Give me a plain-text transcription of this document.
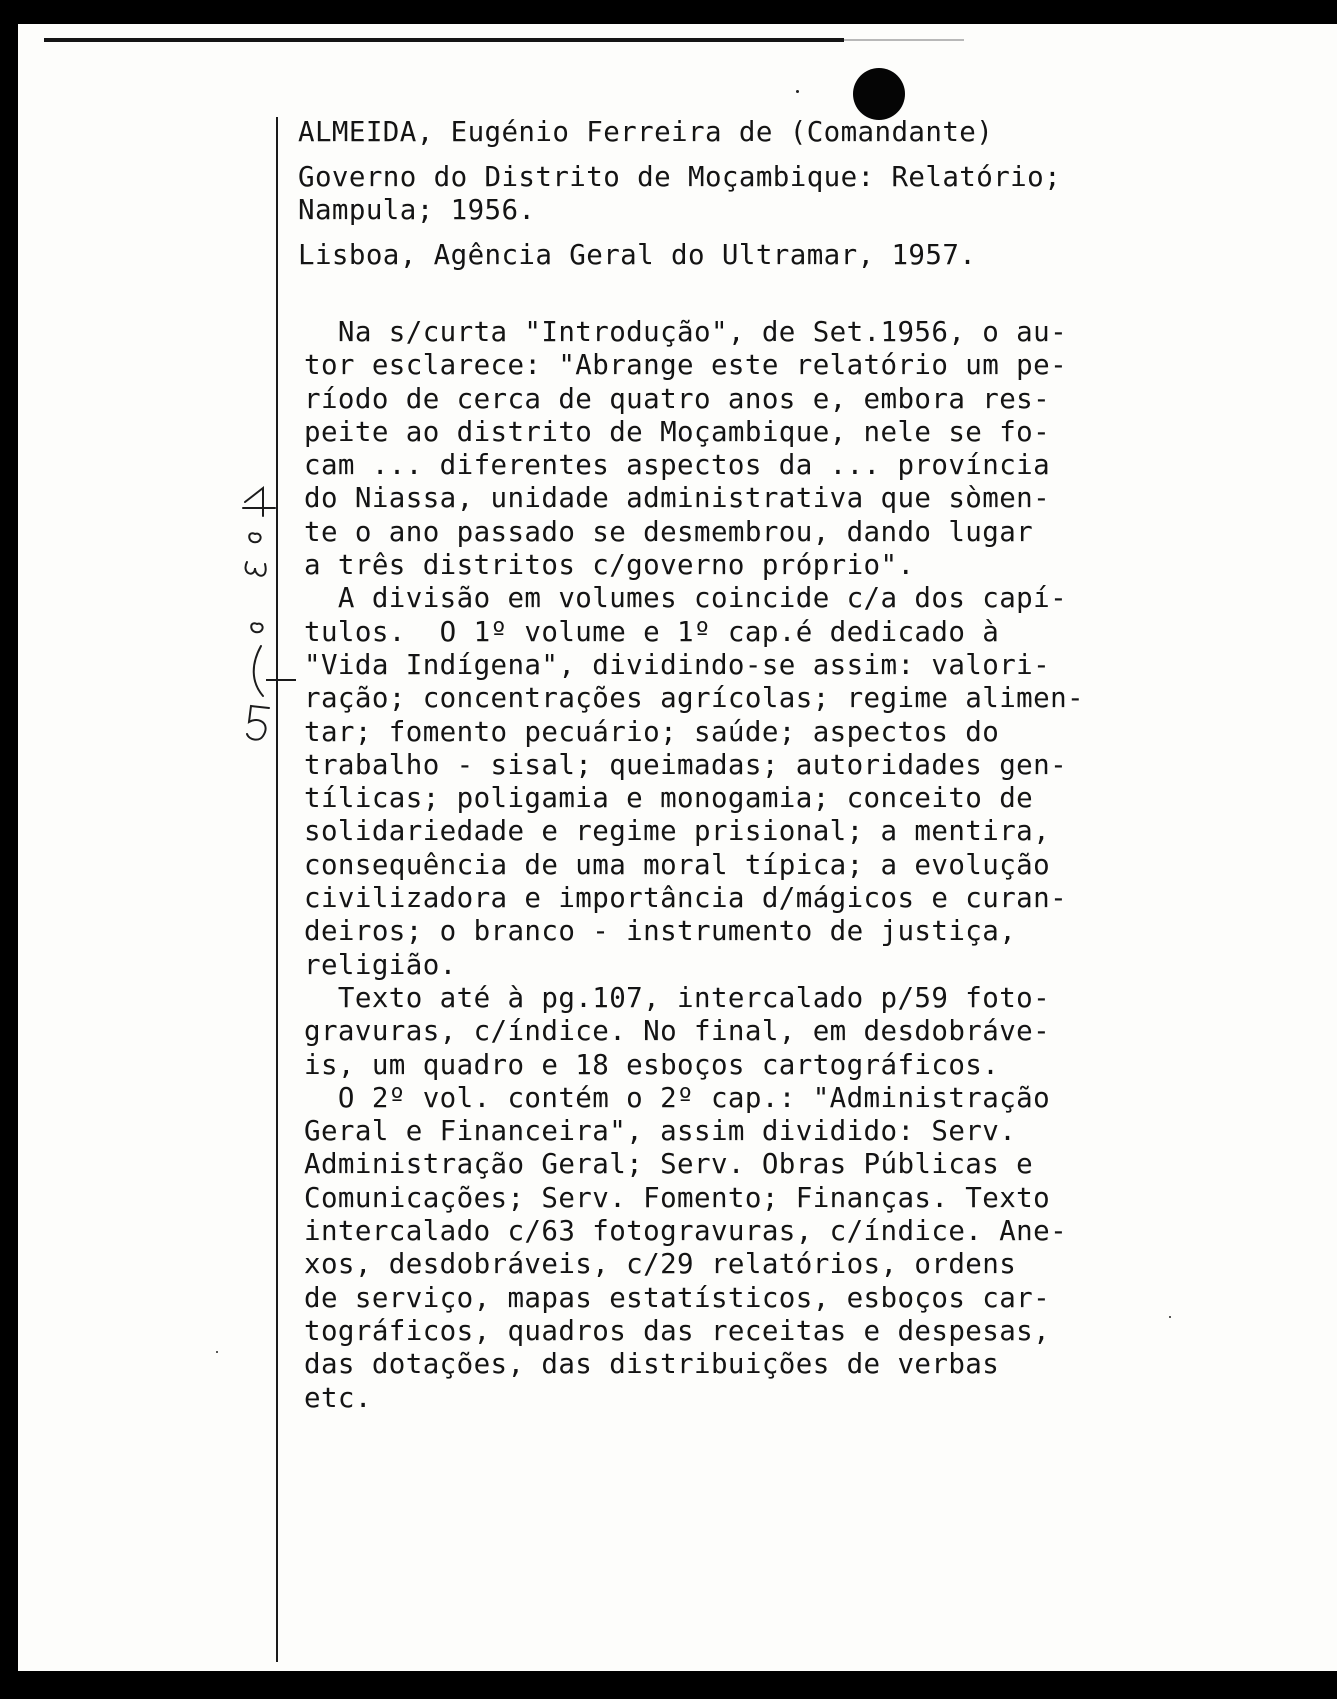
ALMEIDA, Eugénio Ferreira de (Comandante)
Governo do Distrito de Moçambique: Relatório;
Nampula; 1956.
Lisboa, Agência Geral do Ultramar, 1957.
Na s/curta "Introdução", de Set.1956, o au-
tor esclarece: "Abrange este relatório um pe-
ríodo de cerca de quatro anos e, embora res-
peite ao distrito de Moçambique, nele se fo-
cam ... diferentes aspectos da ... província
do Niassa, unidade administrativa que sòmen-
te o ano passado se desmembrou, dando lugar
a três distritos c/governo próprio".
A divisão em volumes coincide c/a dos capí-
tulos.  O 1º volume e 1º cap.é dedicado à
"Vida Indígena", dividindo-se assim: valori-
ração; concentrações agrícolas; regime alimen-
tar; fomento pecuário; saúde; aspectos do
trabalho - sisal; queimadas; autoridades gen-
tílicas; poligamia e monogamia; conceito de
solidariedade e regime prisional; a mentira,
consequência de uma moral típica; a evolução
civilizadora e importância d/mágicos e curan-
deiros; o branco - instrumento de justiça,
religião.
Texto até à pg.107, intercalado p/59 foto-
gravuras, c/índice. No final, em desdobráve-
is, um quadro e 18 esboços cartográficos.
O 2º vol. contém o 2º cap.: "Administração
Geral e Financeira", assim dividido: Serv.
Administração Geral; Serv. Obras Públicas e
Comunicações; Serv. Fomento; Finanças. Texto
intercalado c/63 fotogravuras, c/índice. Ane-
xos, desdobráveis, c/29 relatórios, ordens
de serviço, mapas estatísticos, esboços car-
tográficos, quadros das receitas e despesas,
das dotações, das distribuições de verbas
etc.
